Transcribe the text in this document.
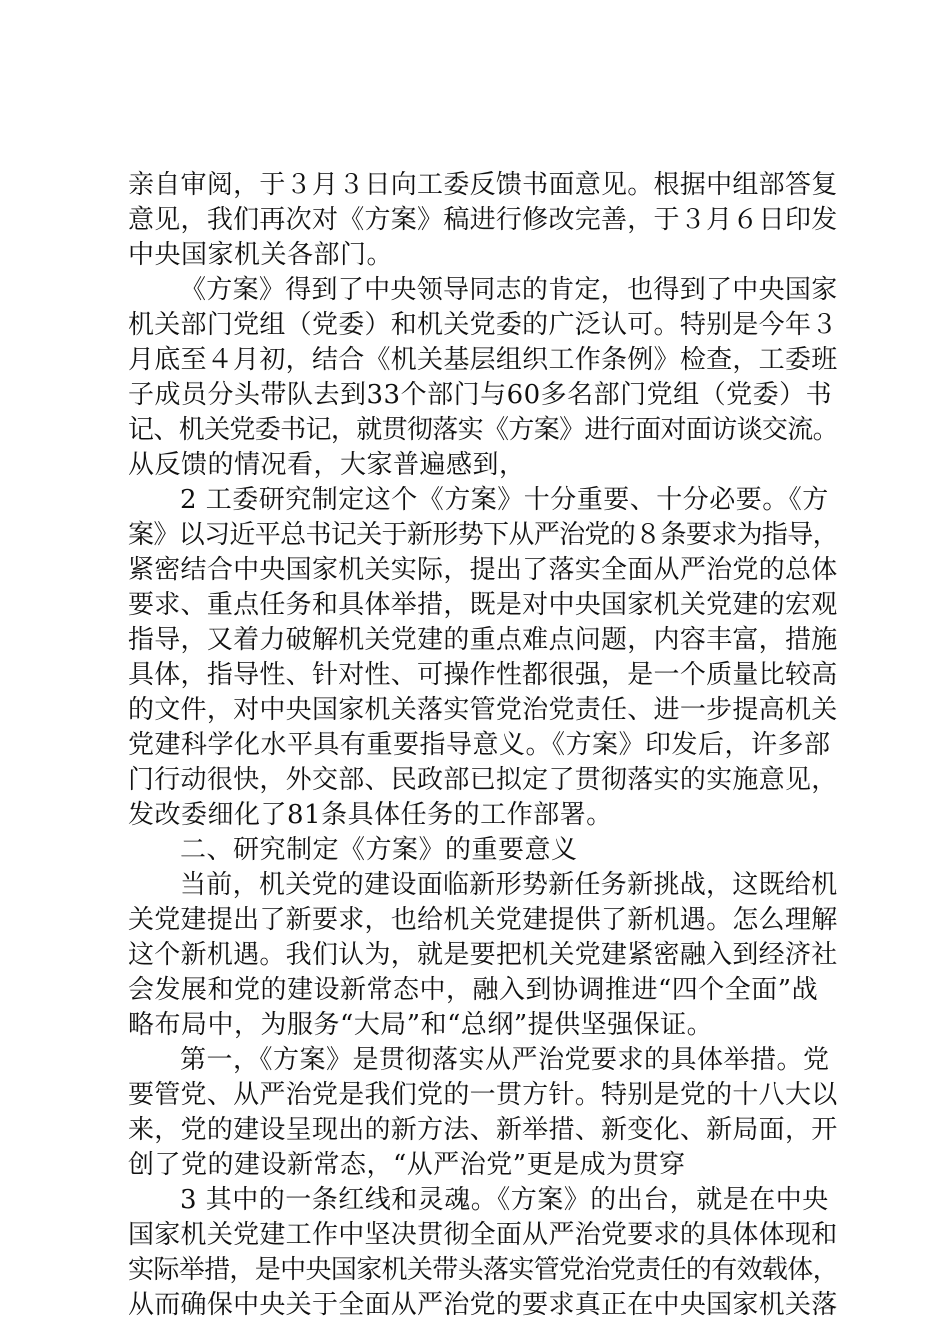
亲自审阅，于３月３日向工委反馈书面意见。根据中组部答复
意见，我们再次对《方案》稿进行修改完善，于３月６日印发
中央国家机关各部门。
《方案》得到了中央领导同志的肯定，也得到了中央国家
机关部门党组（党委）和机关党委的广泛认可。特别是今年３
月底至４月初，结合《机关基层组织工作条例》检查，工委班
子成员分头带队去到33个部门与60多名部门党组（党委）书
记、机关党委书记，就贯彻落实《方案》进行面对面访谈交流。
从反馈的情况看，大家普遍感到，
2 工委研究制定这个《方案》十分重要、十分必要。《方
案》以习近平总书记关于新形势下从严治党的８条要求为指导，
紧密结合中央国家机关实际，提出了落实全面从严治党的总体
要求、重点任务和具体举措，既是对中央国家机关党建的宏观
指导，又着力破解机关党建的重点难点问题，内容丰富，措施
具体，指导性、针对性、可操作性都很强，是一个质量比较高
的文件，对中央国家机关落实管党治党责任、进一步提高机关
党建科学化水平具有重要指导意义。《方案》印发后，许多部
门行动很快，外交部、民政部已拟定了贯彻落实的实施意见，
发改委细化了81条具体任务的工作部署。
二、研究制定《方案》的重要意义
当前，机关党的建设面临新形势新任务新挑战，这既给机
关党建提出了新要求，也给机关党建提供了新机遇。怎么理解
这个新机遇。我们认为，就是要把机关党建紧密融入到经济社
会发展和党的建设新常态中，融入到协调推进“四个全面”战
略布局中，为服务“大局”和“总纲”提供坚强保证。
第一，《方案》是贯彻落实从严治党要求的具体举措。党
要管党、从严治党是我们党的一贯方针。特别是党的十八大以
来，党的建设呈现出的新方法、新举措、新变化、新局面，开
创了党的建设新常态，“从严治党”更是成为贯穿
3 其中的一条红线和灵魂。《方案》的出台，就是在中央
国家机关党建工作中坚决贯彻全面从严治党要求的具体体现和
实际举措，是中央国家机关带头落实管党治党责任的有效载体，
从而确保中央关于全面从严治党的要求真正在中央国家机关落
